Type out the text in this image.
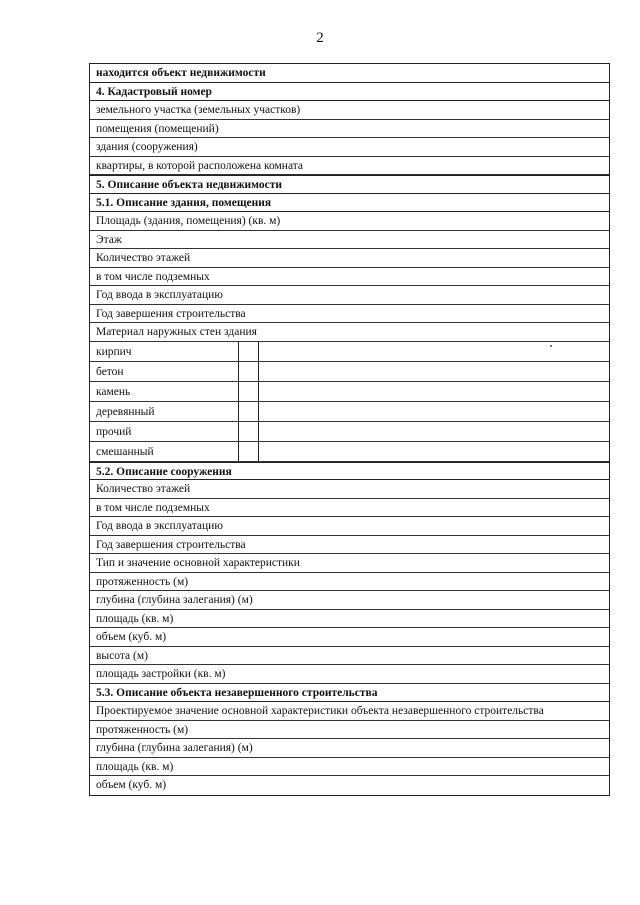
2
находится объект недвижимости
4. Кадастровый номер
земельного участка (земельных участков)
помещения (помещений)
здания (сооружения)
квартиры, в которой расположена комната
5. Описание объекта недвижимости
5.1. Описание здания, помещения
Площадь (здания, помещения) (кв. м)
Этаж
Количество этажей
в том числе подземных
Год ввода в эксплуатацию
Год завершения строительства
Материал наружных стен здания
кирпич
бетон
камень
деревянный
прочий
смешанный
5.2. Описание сооружения
Количество этажей
в том числе подземных
Год ввода в эксплуатацию
Год завершения строительства
Тип и значение основной характеристики
протяженность (м)
глубина (глубина залегания) (м)
площадь (кв. м)
объем (куб. м)
высота (м)
площадь застройки (кв. м)
5.3. Описание объекта незавершенного строительства
Проектируемое значение основной характеристики объекта незавершенного строительства
протяженность (м)
глубина (глубина залегания) (м)
площадь (кв. м)
объем (куб. м)
